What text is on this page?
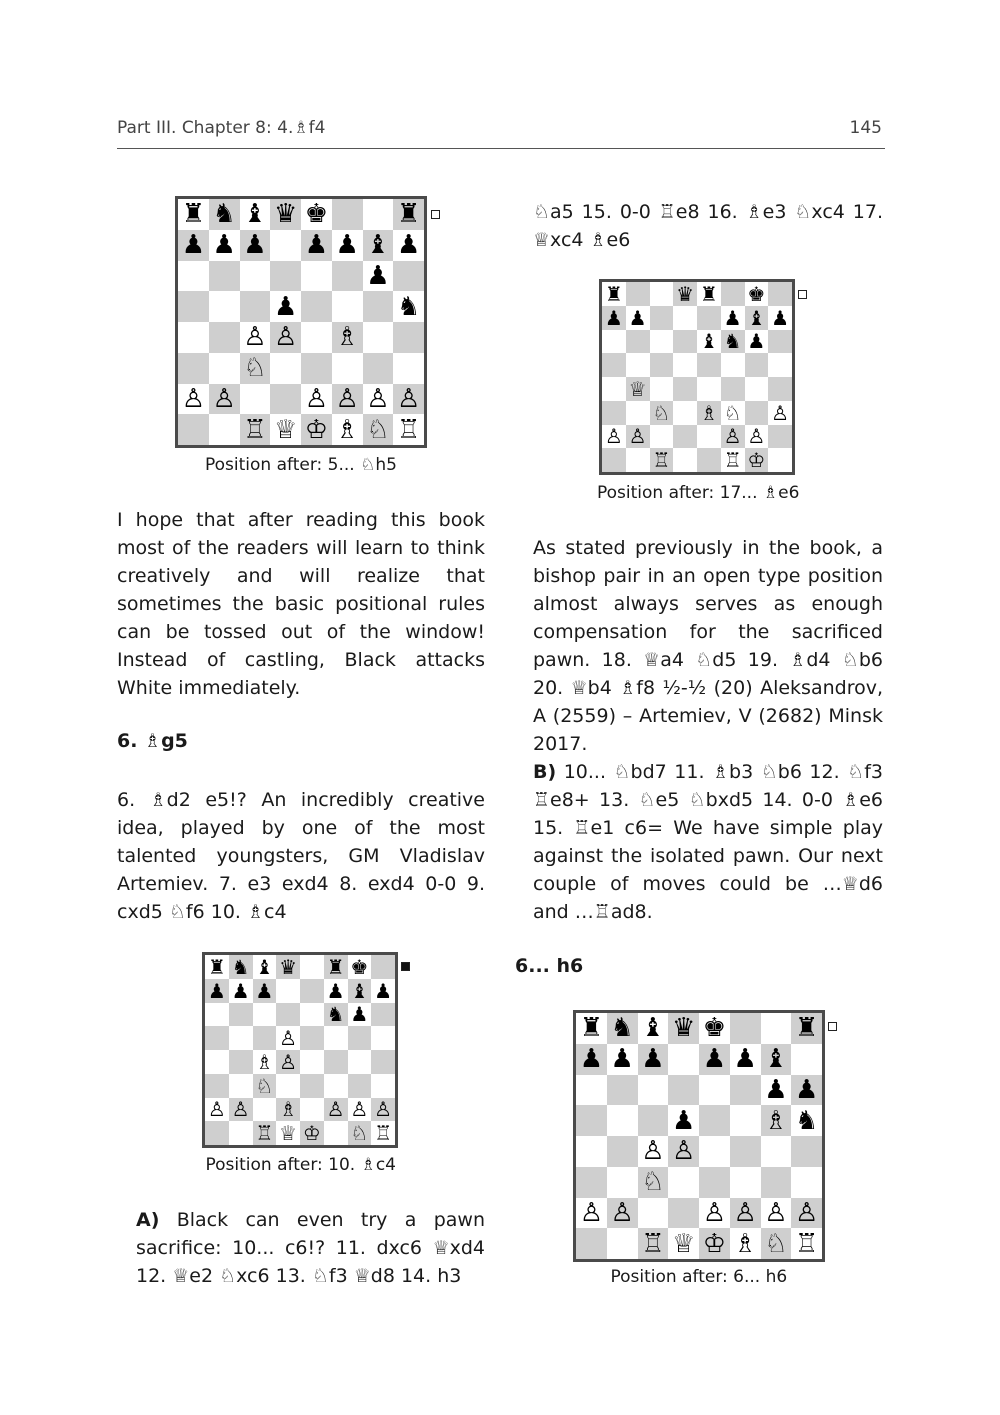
Part III. Chapter 8: 4.♗f4	145

I hope that after reading this book most of the readers will learn to think creatively and will realize that sometimes the basic positional rules can be tossed out of the window! Instead of castling, Black attacks White immediately.

6. ♗g5

6. ♗d2 e5!? An incredibly creative idea, played by one of the most talented youngsters, GM Vladislav Artemiev. 7. e3 exd4 8. exd4 0-0 9. cxd5 ♘f6 10. ♗c4

A) Black can even try a pawn sacrifice: 10... c6!? 11. dxc6 ♕xd4 12. ♕e2 ♘xc6 13. ♘f3 ♕d8 14. h3

♘a5 15. 0-0 ♖e8 16. ♗e3 ♘xc4 17. ♕xc4 ♗e6

As stated previously in the book, a bishop pair in an open type position almost always serves as enough compensation for the sacrificed pawn. 18. ♕a4 ♘d5 19. ♗d4 ♘b6 20. ♕b4 ♗f8 ½-½ (20) Aleksandrov, A (2559) – Artemiev, V (2682) Minsk 2017.

B) 10... ♘bd7 11. ♗b3 ♘b6 12. ♘f3 ♖e8+ 13. ♘e5 ♘bxd5 14. 0-0 ♗e6 15. ♖e1 c6= We have simple play against the isolated pawn. Our next couple of moves could be …♕d6 and …♖ad8.

6... h6

♜ ♞ ♝ ♛ ♚	♜
♟ ♟ ♟ ♟ ♟ ♝ ♟
♟
♟	♞
♙ ♙ ♗
♘
♙ ♙	♙ ♙ ♙ ♙
♖ ♕ ♔ ♗ ♘ ♖
Position after: 5... ♘h5
♜	♛ ♜ ♚
♟ ♟	♟ ♝ ♟
♝ ♞ ♟
♕
♘ ♗ ♘ ♙
♙ ♙	♙ ♙
♖	♖ ♔
Position after: 17... ♗e6
♜ ♞ ♝ ♛ ♜ ♚
♟ ♟ ♟	♟ ♝ ♟
♞ ♟
♙
♗ ♙
♘
♙ ♙ ♗ ♙ ♙ ♙
♖ ♕ ♔ ♘ ♖
Position after: 10. ♗c4
♜ ♞ ♝ ♛ ♚	♜
♟ ♟ ♟ ♟ ♟ ♝
♟ ♟
♟	♗ ♞
♙ ♙
♘
♙ ♙	♙ ♙ ♙ ♙
♖ ♕ ♔ ♗ ♘ ♖
Position after: 6... h6
